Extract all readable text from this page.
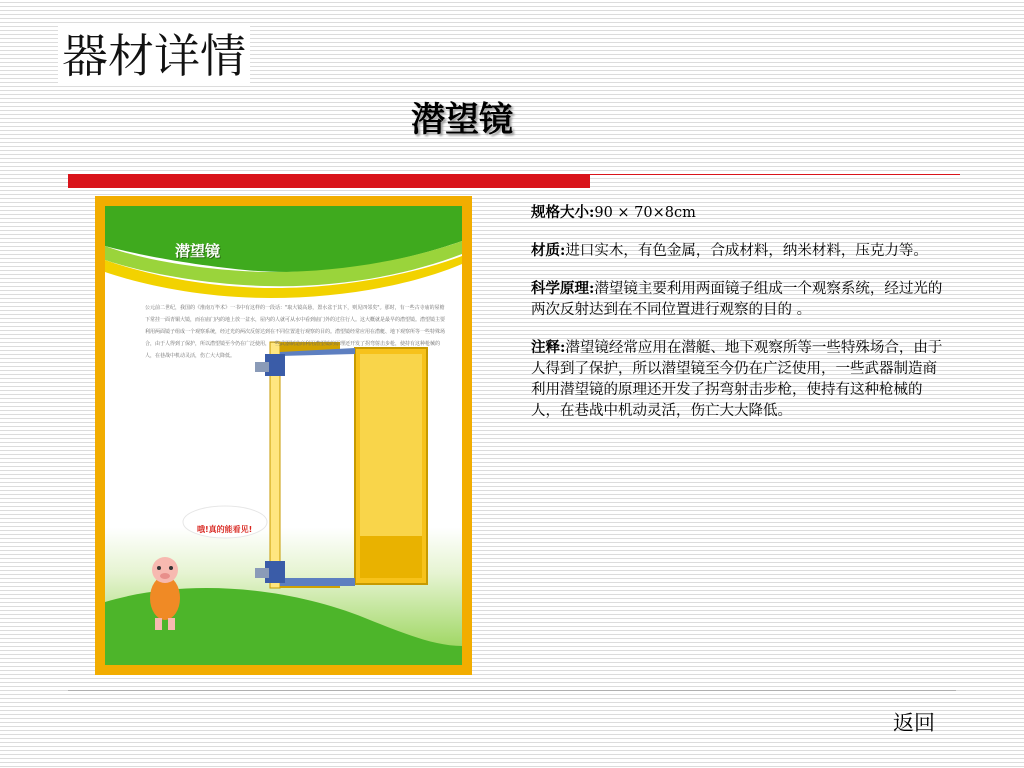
器材详情
潜望镜
潜望镜
公元前二世纪，我国的《淮南万毕术》一书中有这样的一段话："取大镜高悬，置水盆于其下，则见四邻矣"。那时，有一些古寺庙的屋檐下常挂一面青铜大镜，而在庙门内的地上放一盆水，屋内的人就可从水中看到庙门外的过往行人。这大概就是最早的潜望镜。潜望镜主要利用两面镜子组成一个观察系统，经过光的两次反射达到在不同位置进行观察的目的。潜望镜经常应用在潜艇、地下观察所等一些特殊场合，由于人得到了保护，所以潜望镜至今仍在广泛使用，一些武器制造商利用潜望镜的原理还开发了拐弯射击步枪，使持有这种枪械的人，在巷战中机动灵活，伤亡大大降低。
哦!真的能看见!

规格大小:90 × 70×8cm

材质:进口实木，有色金属，合成材料，纳米材料，压克力等。

科学原理:潜望镜主要利用两面镜子组成一个观察系统，经过光的两次反射达到在不同位置进行观察的目的 。

注释:潜望镜经常应用在潜艇、地下观察所等一些特殊场合，由于人得到了保护，所以潜望镜至今仍在广泛使用，一些武器制造商利用潜望镜的原理还开发了拐弯射击步枪，使持有这种枪械的人，在巷战中机动灵活，伤亡大大降低。

返回
